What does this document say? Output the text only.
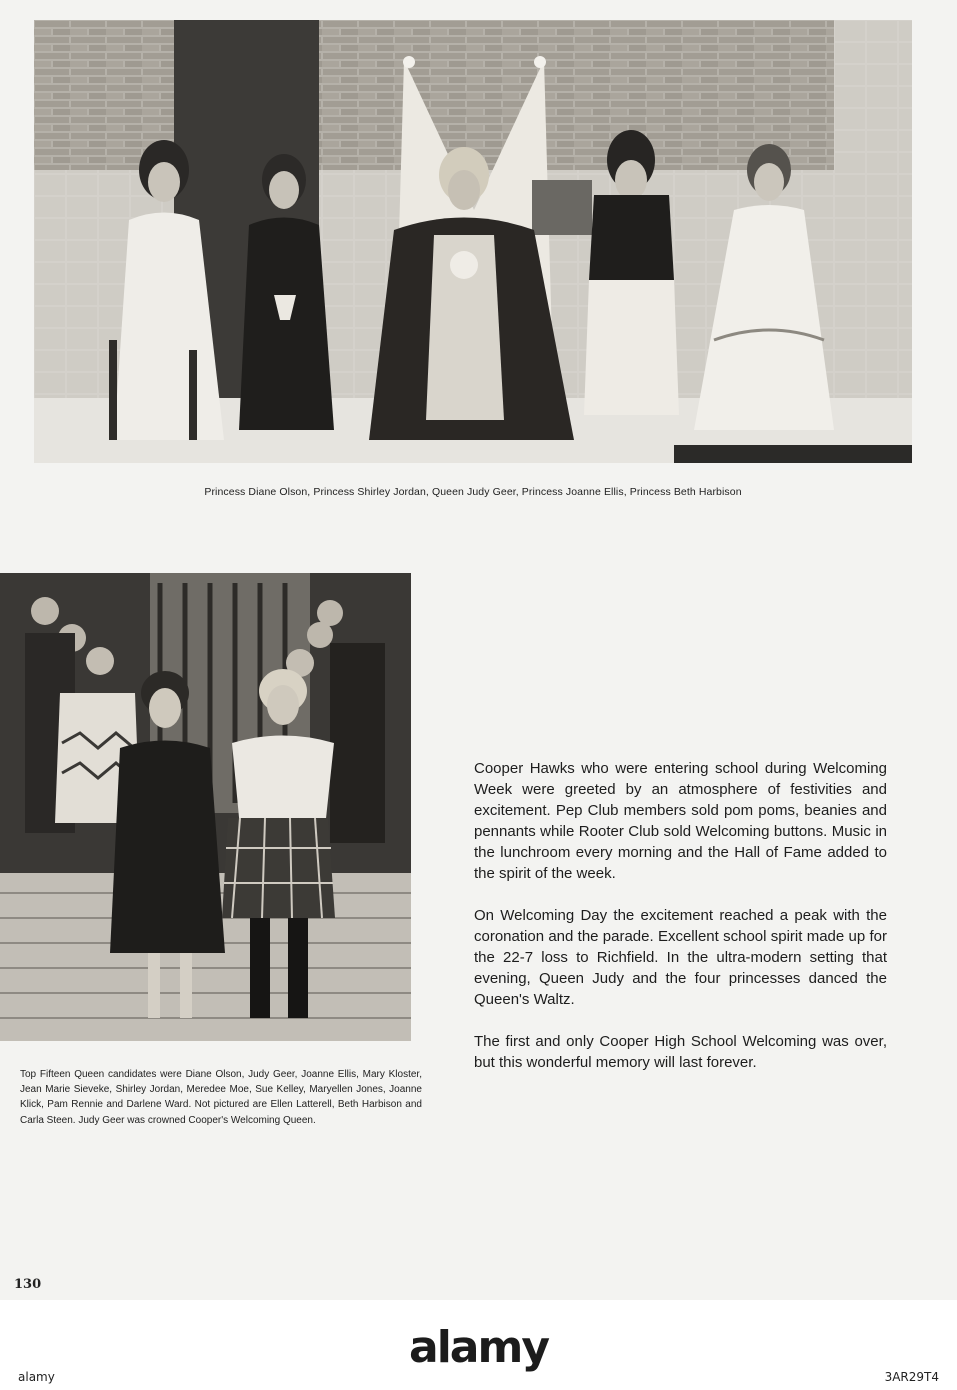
Princess Diane Olson, Princess Shirley Jordan, Queen Judy Geer, Princess Joanne Ellis, Princess Beth Harbison
Top Fifteen Queen candidates were Diane Olson, Judy Geer, Joanne Ellis, Mary Kloster, Jean Marie Sieveke, Shirley Jordan, Meredee Moe, Sue Kelley, Maryellen Jones, Joanne Klick, Pam Rennie and Darlene Ward. Not pictured are Ellen Latterell, Beth Harbison and Carla Steen. Judy Geer was crowned Cooper's Welcoming Queen.

Cooper Hawks who were entering school during Welcoming Week were greeted by an atmosphere of festivities and excitement. Pep Club members sold pom poms, beanies and pennants while Rooter Club sold Welcoming buttons. Music in the lunchroom every morning and the Hall of Fame added to the spirit of the week.

On Welcoming Day the excitement reached a peak with the coronation and the parade. Excellent school spirit made up for the 22-7 loss to Richfield. In the ultra-modern setting that evening, Queen Judy and the four princesses danced the Queen's Waltz.

The first and only Cooper High School Welcoming was over, but this wonderful memory will last forever.

130
alamy
alamy
3AR29T4
